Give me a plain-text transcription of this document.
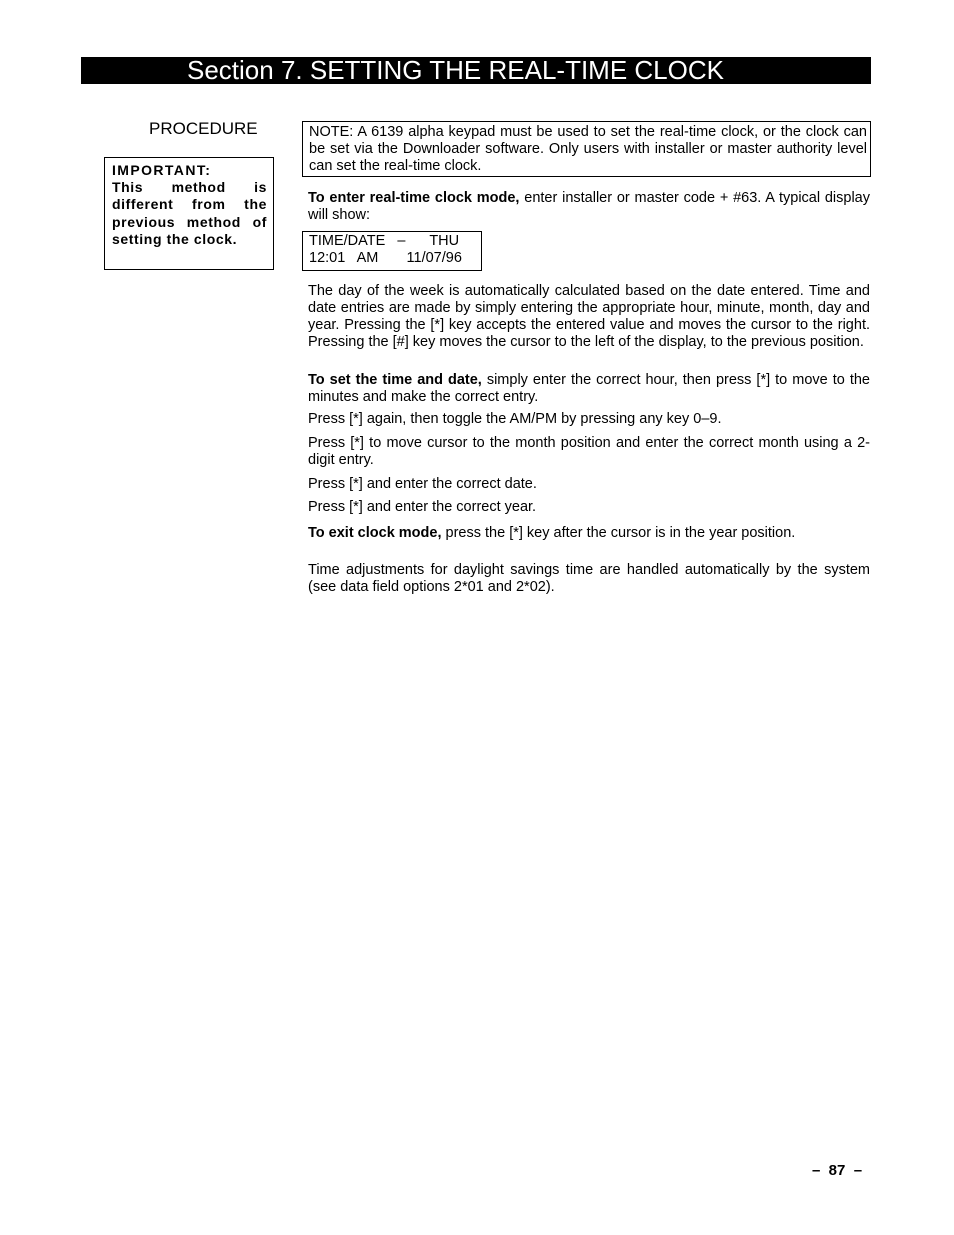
Section 7. SETTING THE REAL-TIME CLOCK
PROCEDURE
IMPORTANT:
This method is different from the previous method of setting the clock.
NOTE: A 6139 alpha keypad must be used to set the real-time clock, or the clock can be set via the Downloader software. Only users with installer or master authority level can set the real-time clock.
To enter real-time clock mode, enter installer or master code + #63. A typical display will show:
TIME/DATE   –      THU
12:01   AM       11/07/96
The day of the week is automatically calculated based on the date entered. Time and date entries are made by simply entering the appropriate hour, minute, month, day and year. Pressing the [*] key accepts the entered value and moves the cursor to the right. Pressing the [#] key moves the cursor to the left of the display, to the previous position.
To set the time and date, simply enter the correct hour, then press [*] to move to the minutes and make the correct entry.
Press [*] again, then toggle the AM/PM by pressing any key 0–9.
Press [*] to move cursor to the month position and enter the correct month using a 2-digit entry.
Press [*] and enter the correct date.
Press [*] and enter the correct year.
To exit clock mode, press the [*] key after the cursor is in the year position.
Time adjustments for daylight savings time are handled automatically by the system (see data field options 2*01 and 2*02).
–  87  –
